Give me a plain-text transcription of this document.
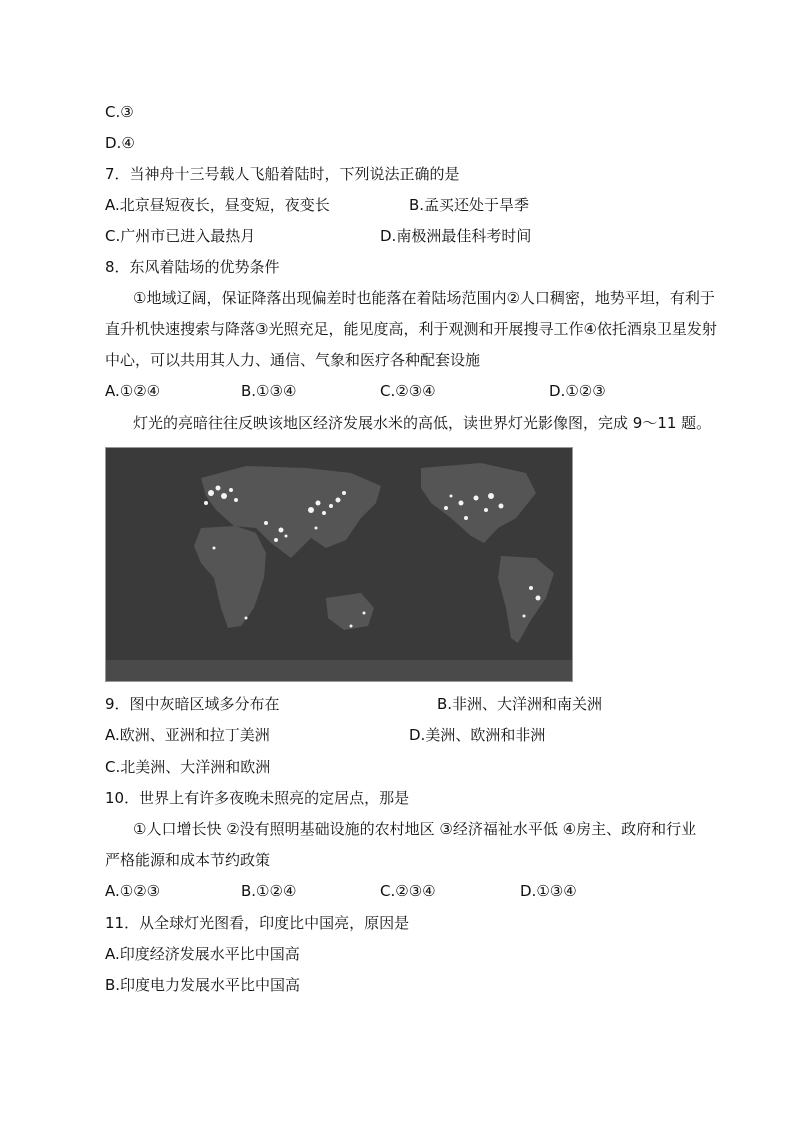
C.③
D.④
7．当神舟十三号载人飞船着陆时，下列说法正确的是
A.北京昼短夜长，昼变短，夜变长	B.孟买还处于旱季
C.广州市已进入最热月	D.南极洲最佳科考时间
8．东风着陆场的优势条件
①地域辽阔，保证降落出现偏差时也能落在着陆场范围内②人口稠密，地势平坦，有利于
直升机快速搜索与降落③光照充足，能见度高，利于观测和开展搜寻工作④依托酒泉卫星发射
中心，可以共用其人力、通信、气象和医疗各种配套设施
A.①②④	B.①③④	C.②③④	D.①②③
灯光的亮暗往往反映该地区经济发展水米的高低，读世界灯光影像图，完成 9～11 题。
9．图中灰暗区域多分布在	B.非洲、大洋洲和南关洲
A.欧洲、亚洲和拉丁美洲	D.美洲、欧洲和非洲
C.北美洲、大洋洲和欧洲
10．世界上有许多夜晚未照亮的定居点，那是
①人口增长快 ②没有照明基础设施的农村地区 ③经济福祉水平低 ④房主、政府和行业
严格能源和成本节约政策
A.①②③	B.①②④	C.②③④	D.①③④
11．从全球灯光图看，印度比中国亮，原因是
A.印度经济发展水平比中国高
B.印度电力发展水平比中国高
